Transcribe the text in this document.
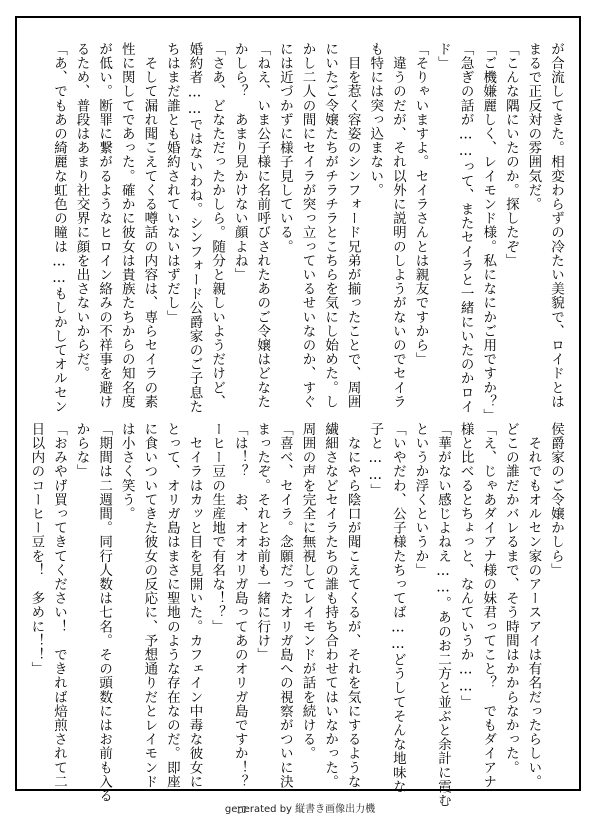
が合流してきた。相変わらずの冷たい美貌で、ロイドとは
まるで正反対の雰囲気だ。
「こんな隅にいたのか。探したぞ」
「ご機嫌麗しく、レイモンド様。私になにかご用ですか？」
「急ぎの話が……って、またセイラと一緒にいたのかロイ
ド」
「そりゃいますよ。セイラさんとは親友ですから」
　違うのだが、それ以外に説明のしようがないのでセイラ
も特には突っ込まない。
　目を惹く容姿のシンフォード兄弟が揃ったことで、周囲
にいたご令嬢たちがチラチラとこちらを気にし始めた。し
かし二人の間にセイラが突っ立っているせいなのか、すぐ
には近づかずに様子見している。
「ねえ、いま公子様に名前呼びされたあのご令嬢はどなた
かしら？　あまり見かけない顔よね」
「さあ、どなただったかしら。随分と親しいようだけど、
婚約者……ではないわね。シンフォード公爵家のご子息た
ちはまだ誰とも婚約されていないはずだし」
　そして漏れ聞こえてくる噂話の内容は、専らセイラの素
性に関してであった。確かに彼女は貴族たちからの知名度
が低い。断罪に繋がるようなヒロイン絡みの不祥事を避け
るため、普段はあまり社交界に顔を出さないからだ。
「あ、でもあの綺麗な虹色の瞳は……もしかしてオルセン
侯爵家のご令嬢かしら」
　それでもオルセン家のアースアイは有名だったらしい。
どこの誰だかバレるまで、そう時間はかからなかった。
「え、じゃあダイアナ様の妹君ってこと？　でもダイアナ
様と比べるとちょっと、なんていうか……」
「華がない感じよねえ……。あのお二方と並ぶと余計に霞む
というか浮くというか」
「いやだわ、公子様たちってば……どうしてそんな地味な
子と……」
　なにやら陰口が聞こえてくるが、それを気にするような
繊細さなどセイラたちの誰も持ち合わせてはいなかった。
周囲の声を完全に無視してレイモンドが話を続ける。
「喜べ、セイラ。念願だったオリガ島への視察がついに決
まったぞ。それとお前も一緒に行け」
「は！？　お、オオオリガ島ってあのオリガ島ですか！？　コ
ーヒー豆の生産地で有名な！？」
　セイラはカッと目を見開いた。カフェイン中毒な彼女に
とって、オリガ島はまさに聖地のような存在なのだ。即座
に食いついてきた彼女の反応に、予想通りだとレイモンド
は小さく笑う。
「期間は二週間。同行人数は七名。その頭数にはお前も入る
からな」
「おみやげ買ってきてください！　できれば焙煎されて二
日以内のコーヒー豆を！　多めに！！」
generated by 縦書き画像出力機
